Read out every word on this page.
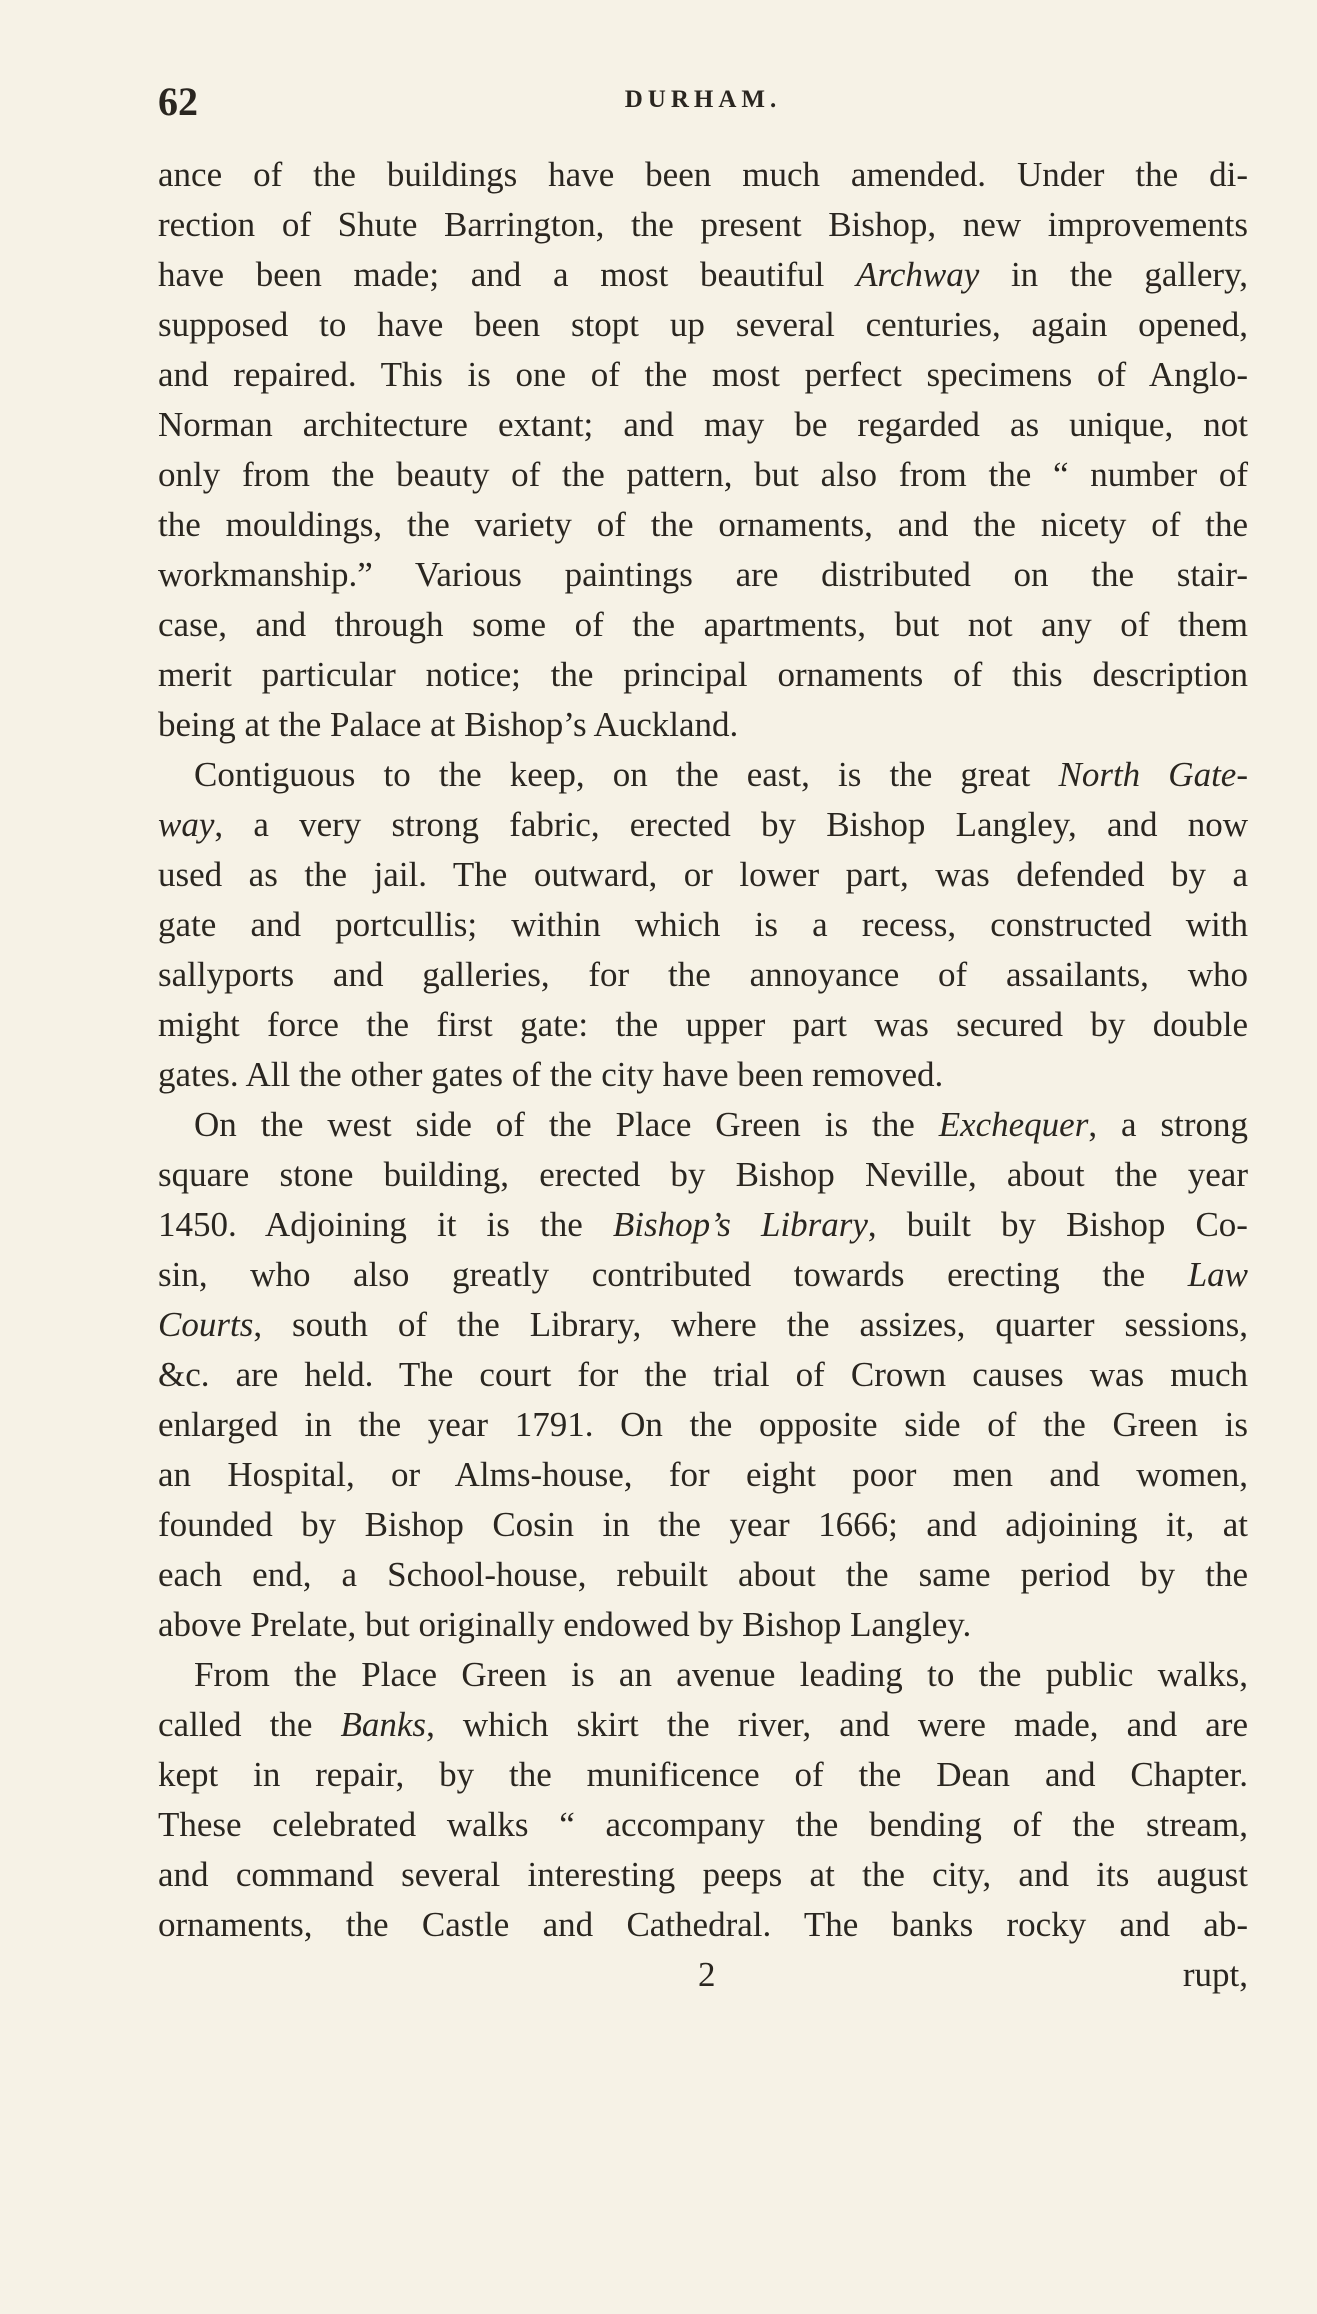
62	DURHAM.
ance of the buildings have been much amended. Under the di-
rection of Shute Barrington, the present Bishop, new improvements
have been made; and a most beautiful Archway in the gallery,
supposed to have been stopt up several centuries, again opened,
and repaired. This is one of the most perfect specimens of Anglo-
Norman architecture extant; and may be regarded as unique, not
only from the beauty of the pattern, but also from the “ number of
the mouldings, the variety of the ornaments, and the nicety of the
workmanship.” Various paintings are distributed on the stair-
case, and through some of the apartments, but not any of them
merit particular notice; the principal ornaments of this description
being at the Palace at Bishop’s Auckland.
Contiguous to the keep, on the east, is the great North Gate-
way, a very strong fabric, erected by Bishop Langley, and now
used as the jail. The outward, or lower part, was defended by a
gate and portcullis; within which is a recess, constructed with
sallyports and galleries, for the annoyance of assailants, who
might force the first gate: the upper part was secured by double
gates. All the other gates of the city have been removed.
On the west side of the Place Green is the Exchequer, a strong
square stone building, erected by Bishop Neville, about the year
1450. Adjoining it is the Bishop’s Library, built by Bishop Co-
sin, who also greatly contributed towards erecting the Law
Courts, south of the Library, where the assizes, quarter sessions,
&c. are held. The court for the trial of Crown causes was much
enlarged in the year 1791. On the opposite side of the Green is
an Hospital, or Alms-house, for eight poor men and women,
founded by Bishop Cosin in the year 1666; and adjoining it, at
each end, a School-house, rebuilt about the same period by the
above Prelate, but originally endowed by Bishop Langley.
From the Place Green is an avenue leading to the public walks,
called the Banks, which skirt the river, and were made, and are
kept in repair, by the munificence of the Dean and Chapter.
These celebrated walks “ accompany the bending of the stream,
and command several interesting peeps at the city, and its august
ornaments, the Castle and Cathedral. The banks rocky and ab-
2	rupt,
